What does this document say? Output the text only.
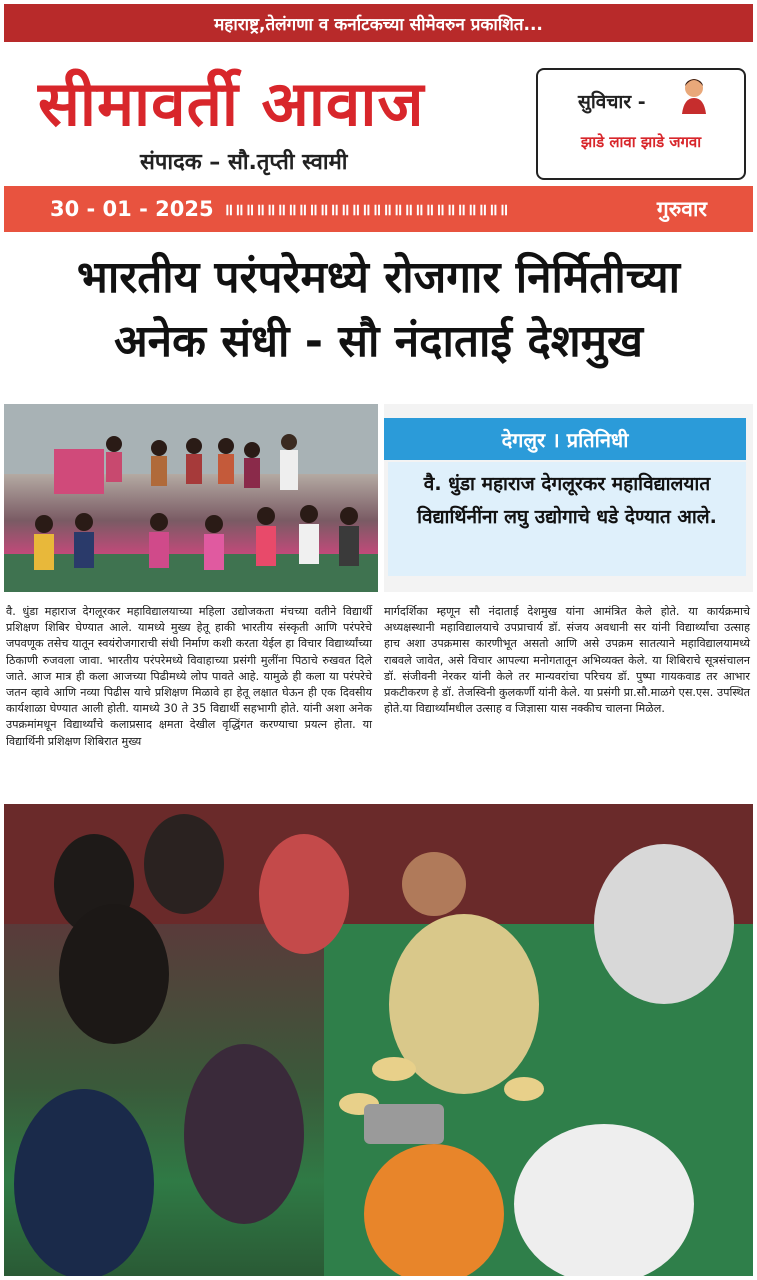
महाराष्ट्र,तेलंगणा व कर्नाटकच्या सीमेवरुन प्रकाशित...
सीमावर्ती आवाज
संपादक – सौ.तृप्ती स्वामी
सुविचार -
झाडे लावा झाडे जगवा
30 - 01 - 2025 ॥॥॥॥॥॥॥॥॥॥॥॥॥॥॥॥॥॥॥॥॥॥॥॥॥॥॥	गुरुवार
भारतीय परंपरेमध्ये रोजगार निर्मितीच्या
अनेक संधी - सौ नंदाताई देशमुख
देगलुर । प्रतिनिधी
वै. धुंडा महाराज देगलूरकर महाविद्यालयात विद्यार्थिनींना लघु उद्योगाचे धडे देण्यात आले.
वै. धुंडा महाराज देगलूरकर महाविद्यालयाच्या महिला उद्योजकता मंचच्या वतीने विद्यार्थी प्रशिक्षण शिबिर घेण्यात आले. यामध्ये मुख्य हेतू हाकी भारतीय संस्कृती आणि परंपरेचे जपवणूक तसेच यातून स्वयंरोजगाराची संधी निर्माण कशी करता येईल हा विचार विद्यार्थ्यांच्या ठिकाणी रुजवला जावा. भारतीय परंपरेमध्ये विवाहाच्या प्रसंगी मुलींना पिठाचे रुखवत दिले जाते. आज मात्र ही कला आजच्या पिढीमध्ये लोप पावते आहे. यामुळे ही कला या परंपरेचे जतन व्हावे आणि नव्या पिढीस याचे प्रशिक्षण मिळावे हा हेतू लक्षात घेऊन ही एक दिवसीय कार्यशाळा घेण्यात आली होती. यामध्ये 30 ते 35 विद्यार्थी सहभागी होते. यांनी अशा अनेक उपक्रमांमधून विद्यार्थ्यांचे कलाप्रसाद क्षमता देखील वृद्धिंगत करण्याचा प्रयत्न होता. या विद्यार्थिनी प्रशिक्षण शिबिरात मुख्य
मार्गदर्शिका म्हणून सौ नंदाताई देशमुख यांना आमंत्रित केले होते. या कार्यक्रमाचे अध्यक्षस्थानी महाविद्यालयाचे उपप्राचार्य डॉ. संजय अवधानी सर यांनी विद्यार्थ्यांचा उत्साह हाच अशा उपक्रमास कारणीभूत असतो आणि असे उपक्रम सातत्याने महाविद्यालयामध्ये राबवले जावेत, असे विचार आपल्या मनोगतातून अभिव्यक्त केले. या शिबिराचे सूत्रसंचालन डॉ. संजीवनी नेरकर यांनी केले तर मान्यवरांचा परिचय डॉ. पुष्पा गायकवाड तर आभार प्रकटीकरण हे डॉ. तेजस्विनी कुलकर्णी यांनी केले. या प्रसंगी प्रा.सौ.माळगे एस.एस. उपस्थित होते.या विद्यार्थ्यांमधील उत्साह व जिज्ञासा यास नक्कीच चालना मिळेल.
